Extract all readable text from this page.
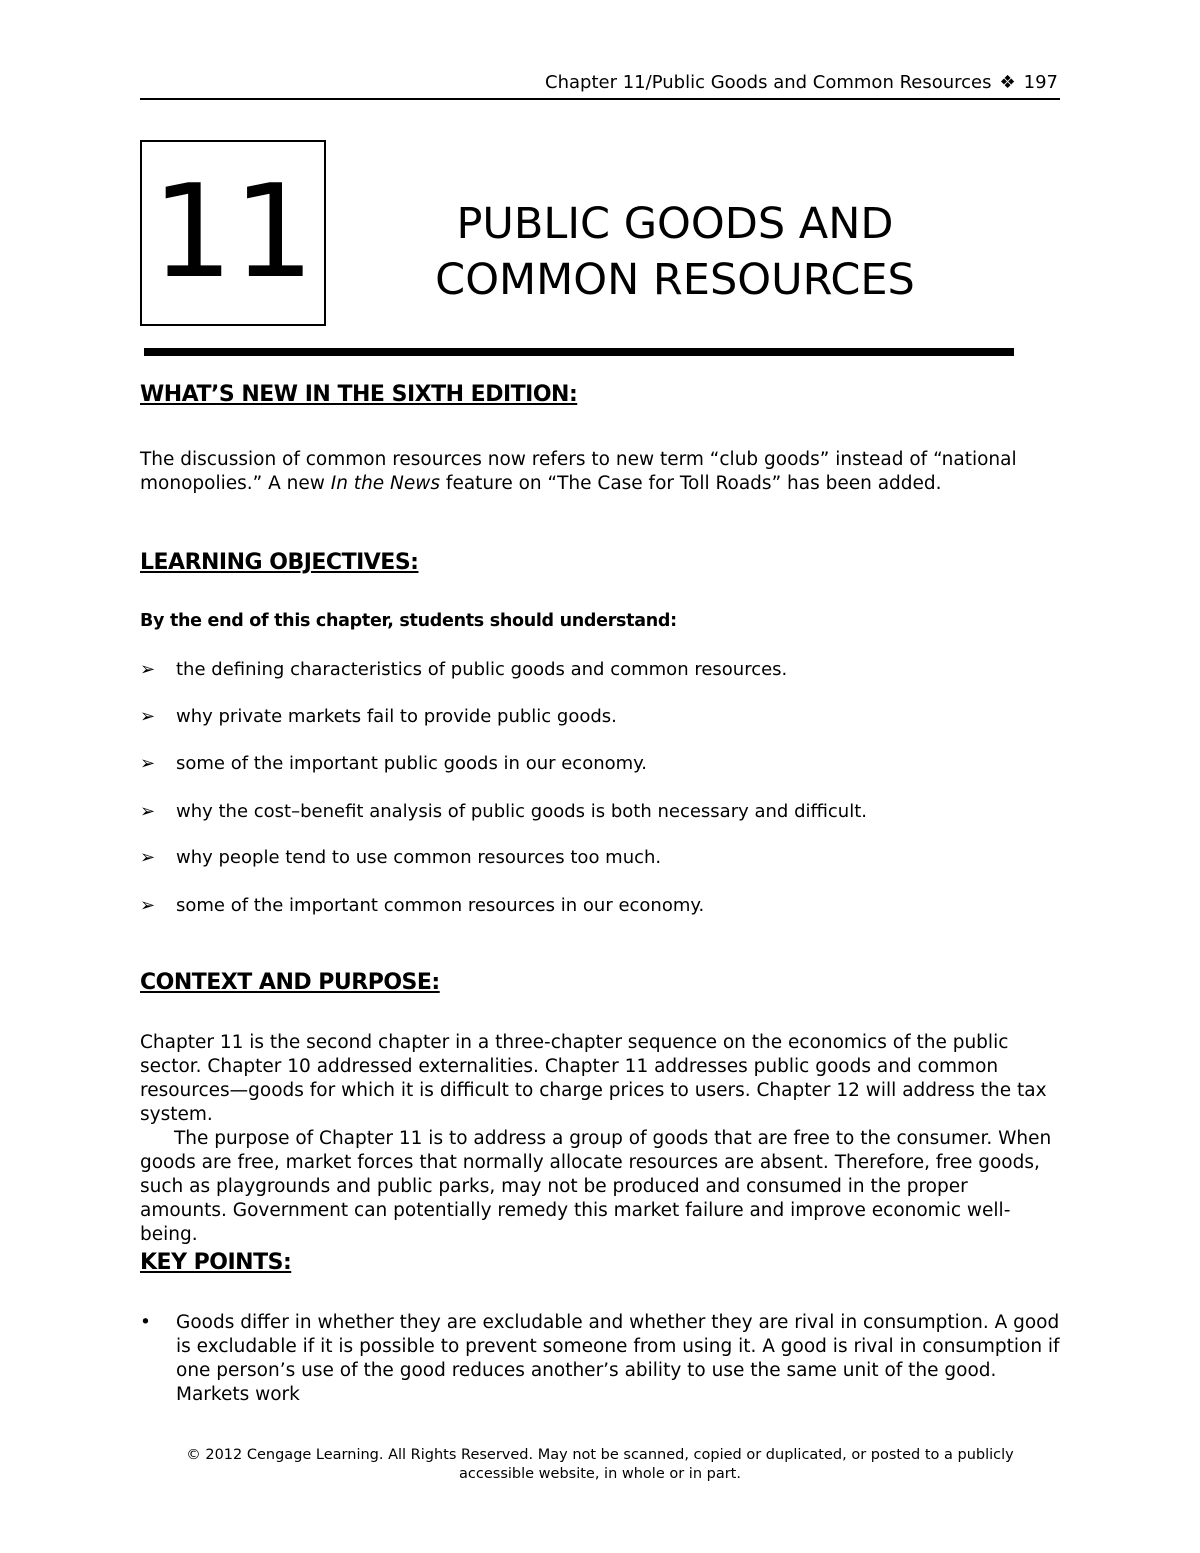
Chapter 11/Public Goods and Common Resources ❖ 197
11	PUBLIC GOODS AND
COMMON RESOURCES
WHAT’S NEW IN THE SIXTH EDITION:

The discussion of common resources now refers to new term “club goods” instead of “national monopolies.” A new In the News feature on “The Case for Toll Roads” has been added.

LEARNING OBJECTIVES:

By the end of this chapter, students should understand:

➢	the defining characteristics of public goods and common resources.
➢	why private markets fail to provide public goods.
➢	some of the important public goods in our economy.
➢	why the cost–benefit analysis of public goods is both necessary and difficult.
➢	why people tend to use common resources too much.
➢	some of the important common resources in our economy.
CONTEXT AND PURPOSE:
Chapter 11 is the second chapter in a three-chapter sequence on the economics of the public sector. Chapter 10 addressed externalities. Chapter 11 addresses public goods and common resources—goods for which it is difficult to charge prices to users. Chapter 12 will address the tax system.
The purpose of Chapter 11 is to address a group of goods that are free to the consumer. When goods are free, market forces that normally allocate resources are absent. Therefore, free goods, such as playgrounds and public parks, may not be produced and consumed in the proper amounts. Government can potentially remedy this market failure and improve economic well-being.
KEY POINTS:
•	Goods differ in whether they are excludable and whether they are rival in consumption. A good is excludable if it is possible to prevent someone from using it. A good is rival in consumption if one person’s use of the good reduces another’s ability to use the same unit of the good. Markets work
© 2012 Cengage Learning. All Rights Reserved. May not be scanned, copied or duplicated, or posted to a publicly
accessible website, in whole or in part.
